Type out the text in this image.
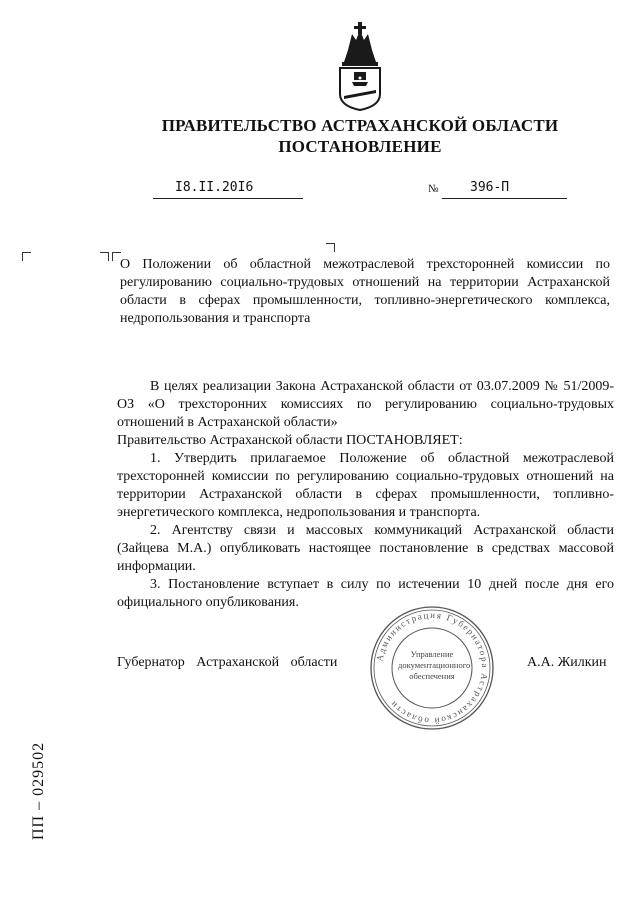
ПРАВИТЕЛЬСТВО АСТРАХАНСКОЙ ОБЛАСТИ
ПОСТАНОВЛЕНИЕ
I8.II.20I6	№ 396-П
О Положении об областной межотраслевой трехсторонней комиссии по регулированию социально-трудовых отношений на территории Астраханской области в сферах промышленности, топливно-энергетического комплекса, недропользования и транспорта

В целях реализации Закона Астраханской области от 03.07.2009 № 51/2009-ОЗ «О трехсторонних комиссиях по регулированию социально-трудовых отношений в Астраханской области»

Правительство Астраханской области ПОСТАНОВЛЯЕТ:

1. Утвердить прилагаемое Положение об областной межотраслевой трехсторонней комиссии по регулированию социально-трудовых отношений на территории Астраханской области в сферах промышленности, топливно-энергетического комплекса, недропользования и транспорта.

2. Агентству связи и массовых коммуникаций Астраханской области (Зайцева М.А.) опубликовать настоящее постановление в средствах массовой информации.

3. Постановление вступает в силу по истечении 10 дней после дня его официального опубликования.

Губернатор Астраханской области	А.А. Жилкин
Администрация Губернатора Астраханской области
Управление документационного обеспечения
ПП – 029502
